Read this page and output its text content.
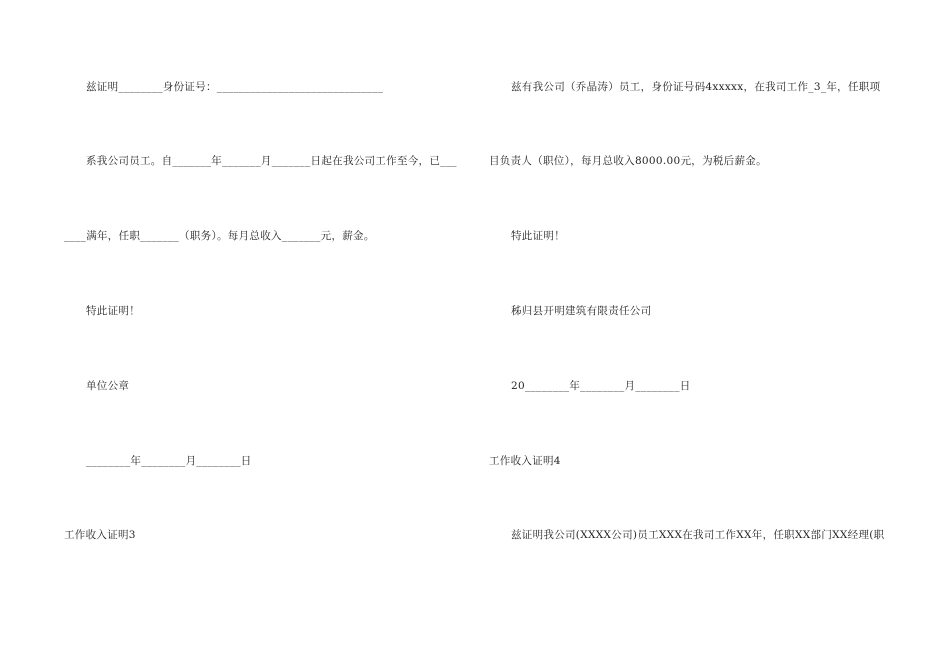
兹证明________身份证号：______________________________
系我公司员工。自_______年_______月_______日起在我公司工作至今，已___
____满年，任职_______（职务）。每月总收入_______元，薪金。
特此证明！
单位公章
________年________月________日
工作收入证明3
兹有我公司（乔晶涛）员工，身份证号码4xxxxx，在我司工作_3_年，任职项
目负责人（职位），每月总收入8000.00元，为税后薪金。
特此证明！
秭归县开明建筑有限责任公司
20________年________月________日
工作收入证明4
兹证明我公司(XXXX公司)员工XXX在我司工作XX年，任职XX部门XX经理(职
